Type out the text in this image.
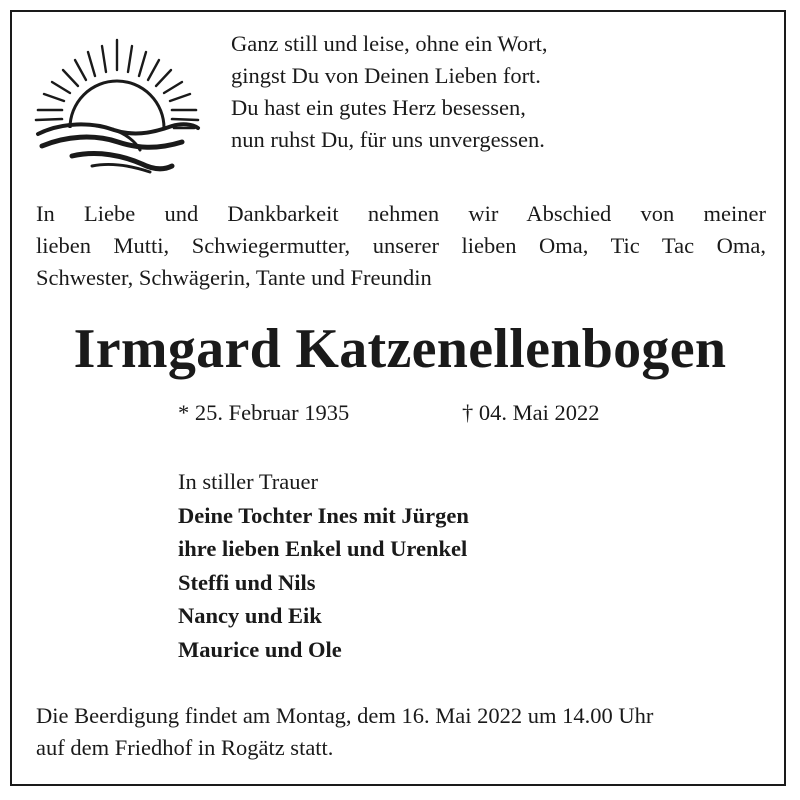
Ganz still und leise, ohne ein Wort,
gingst Du von Deinen Lieben fort.
Du hast ein gutes Herz besessen,
nun ruhst Du, für uns unvergessen.
In Liebe und Dankbarkeit nehmen wir Abschied von meiner
lieben Mutti, Schwiegermutter, unserer lieben Oma, Tic Tac Oma,
Schwester, Schwägerin, Tante und Freundin
Irmgard Katzenellenbogen
* 25. Februar 1935	† 04. Mai 2022
In stiller Trauer
Deine Tochter Ines mit Jürgen
ihre lieben Enkel und Urenkel
Steffi und Nils
Nancy und Eik
Maurice und Ole
Die Beerdigung findet am Montag, dem 16. Mai 2022 um 14.00 Uhr
auf dem Friedhof in Rogätz statt.
